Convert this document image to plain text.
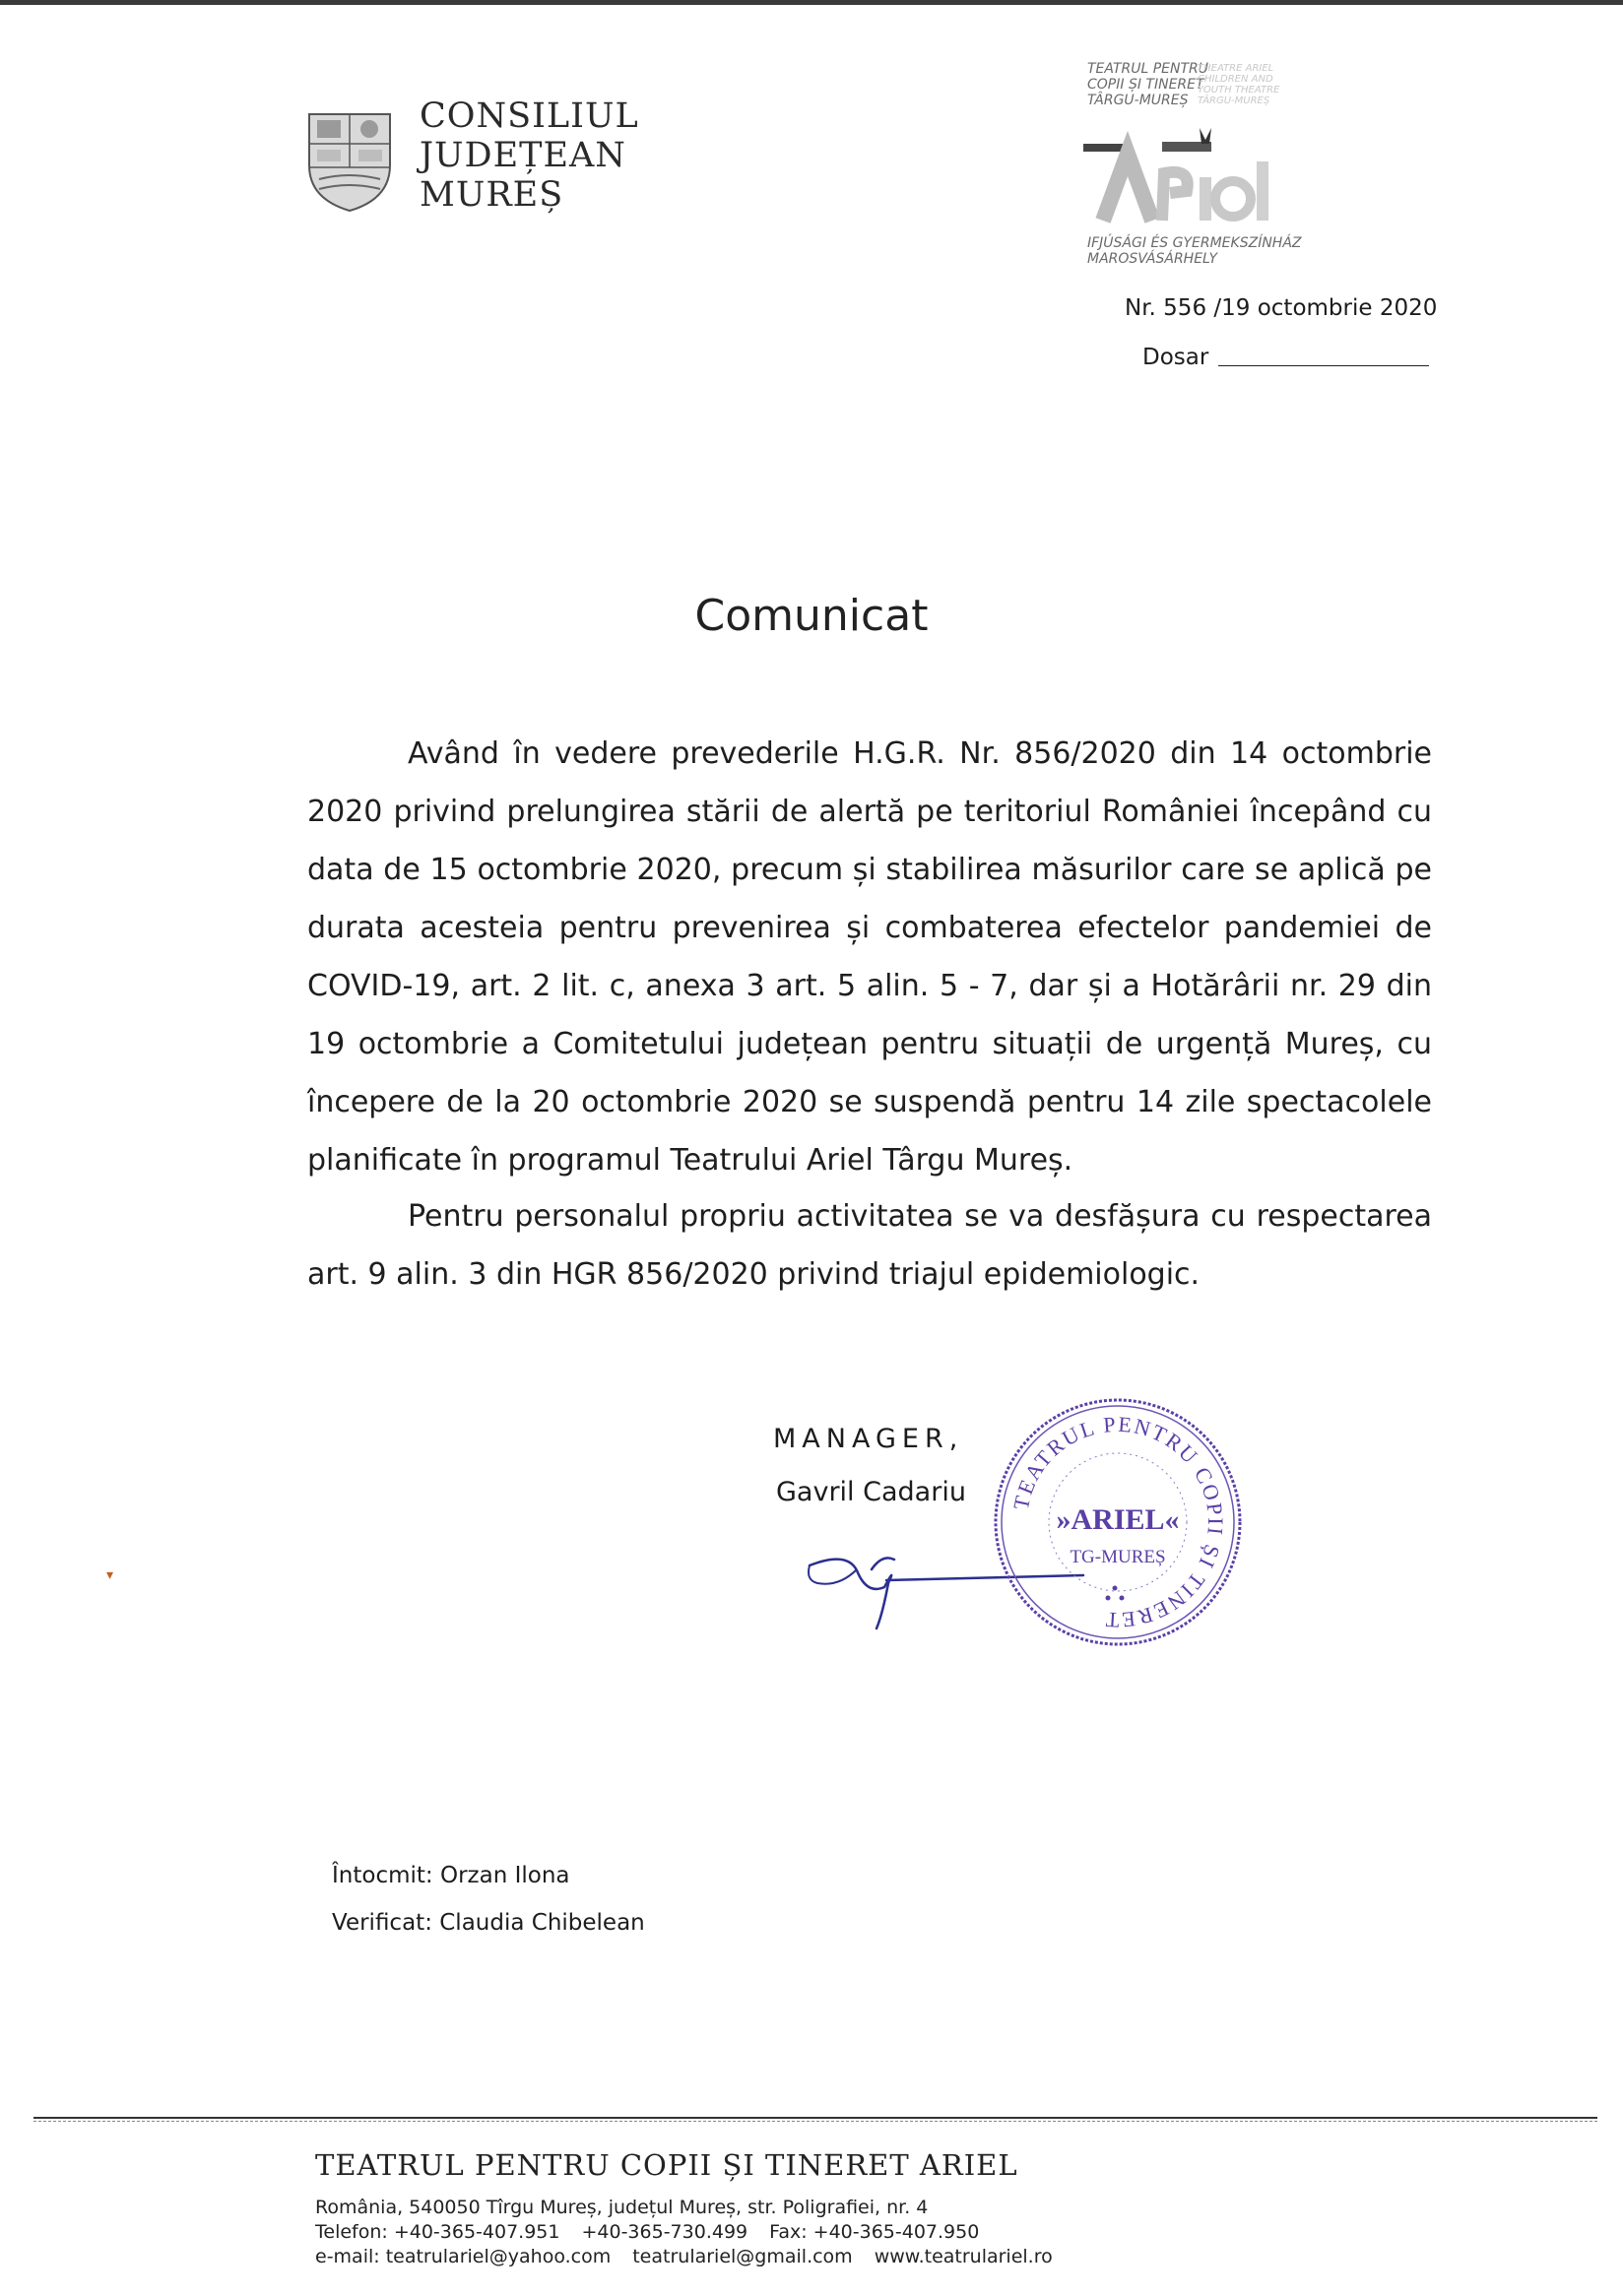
CONSILIUL
JUDEȚEAN
MUREȘ
TEATRUL PENTRU
COPII ȘI TINERET
TÂRGU-MUREȘ
THEATRE ARIEL
CHILDREN AND
YOUTH THEATRE
TÂRGU-MUREȘ
IFJÚSÁGI ÉS GYERMEKSZÍNHÁZ
MAROSVÁSÁRHELY
Nr. 556 /19 octombrie 2020
Dosar
Comunicat
Având în vedere prevederile H.G.R. Nr. 856/2020 din 14 octombrie 2020 privind prelungirea stării de alertă pe teritoriul României începând cu data de 15 octombrie 2020, precum și stabilirea măsurilor care se aplică pe durata acesteia pentru prevenirea și combaterea efectelor pandemiei de COVID-19, art. 2 lit. c, anexa 3 art. 5 alin. 5 - 7, dar și a Hotărârii nr. 29 din 19 octombrie a Comitetului județean pentru situații de urgență Mureș, cu începere de la 20 octombrie 2020 se suspendă pentru 14 zile spectacolele planificate în programul Teatrului Ariel Târgu Mureș.
Pentru personalul propriu activitatea se va desfășura cu respectarea art. 9 alin. 3 din HGR 856/2020 privind triajul epidemiologic.
MANAGER,
Gavril Cadariu TEATRUL PENTRU COPII ȘI TINERET
»ARIEL«
TG-MUREȘ
▾
Întocmit: Orzan Ilona
Verificat: Claudia Chibelean
TEATRUL PENTRU COPII ȘI TINERET ARIEL
România, 540050 Tîrgu Mureș, județul Mureș, str. Poligrafiei, nr. 4
Telefon: +40-365-407.951 +40-365-730.499 Fax: +40-365-407.950
e-mail: teatrulariel@yahoo.com teatrulariel@gmail.com www.teatrulariel.ro
